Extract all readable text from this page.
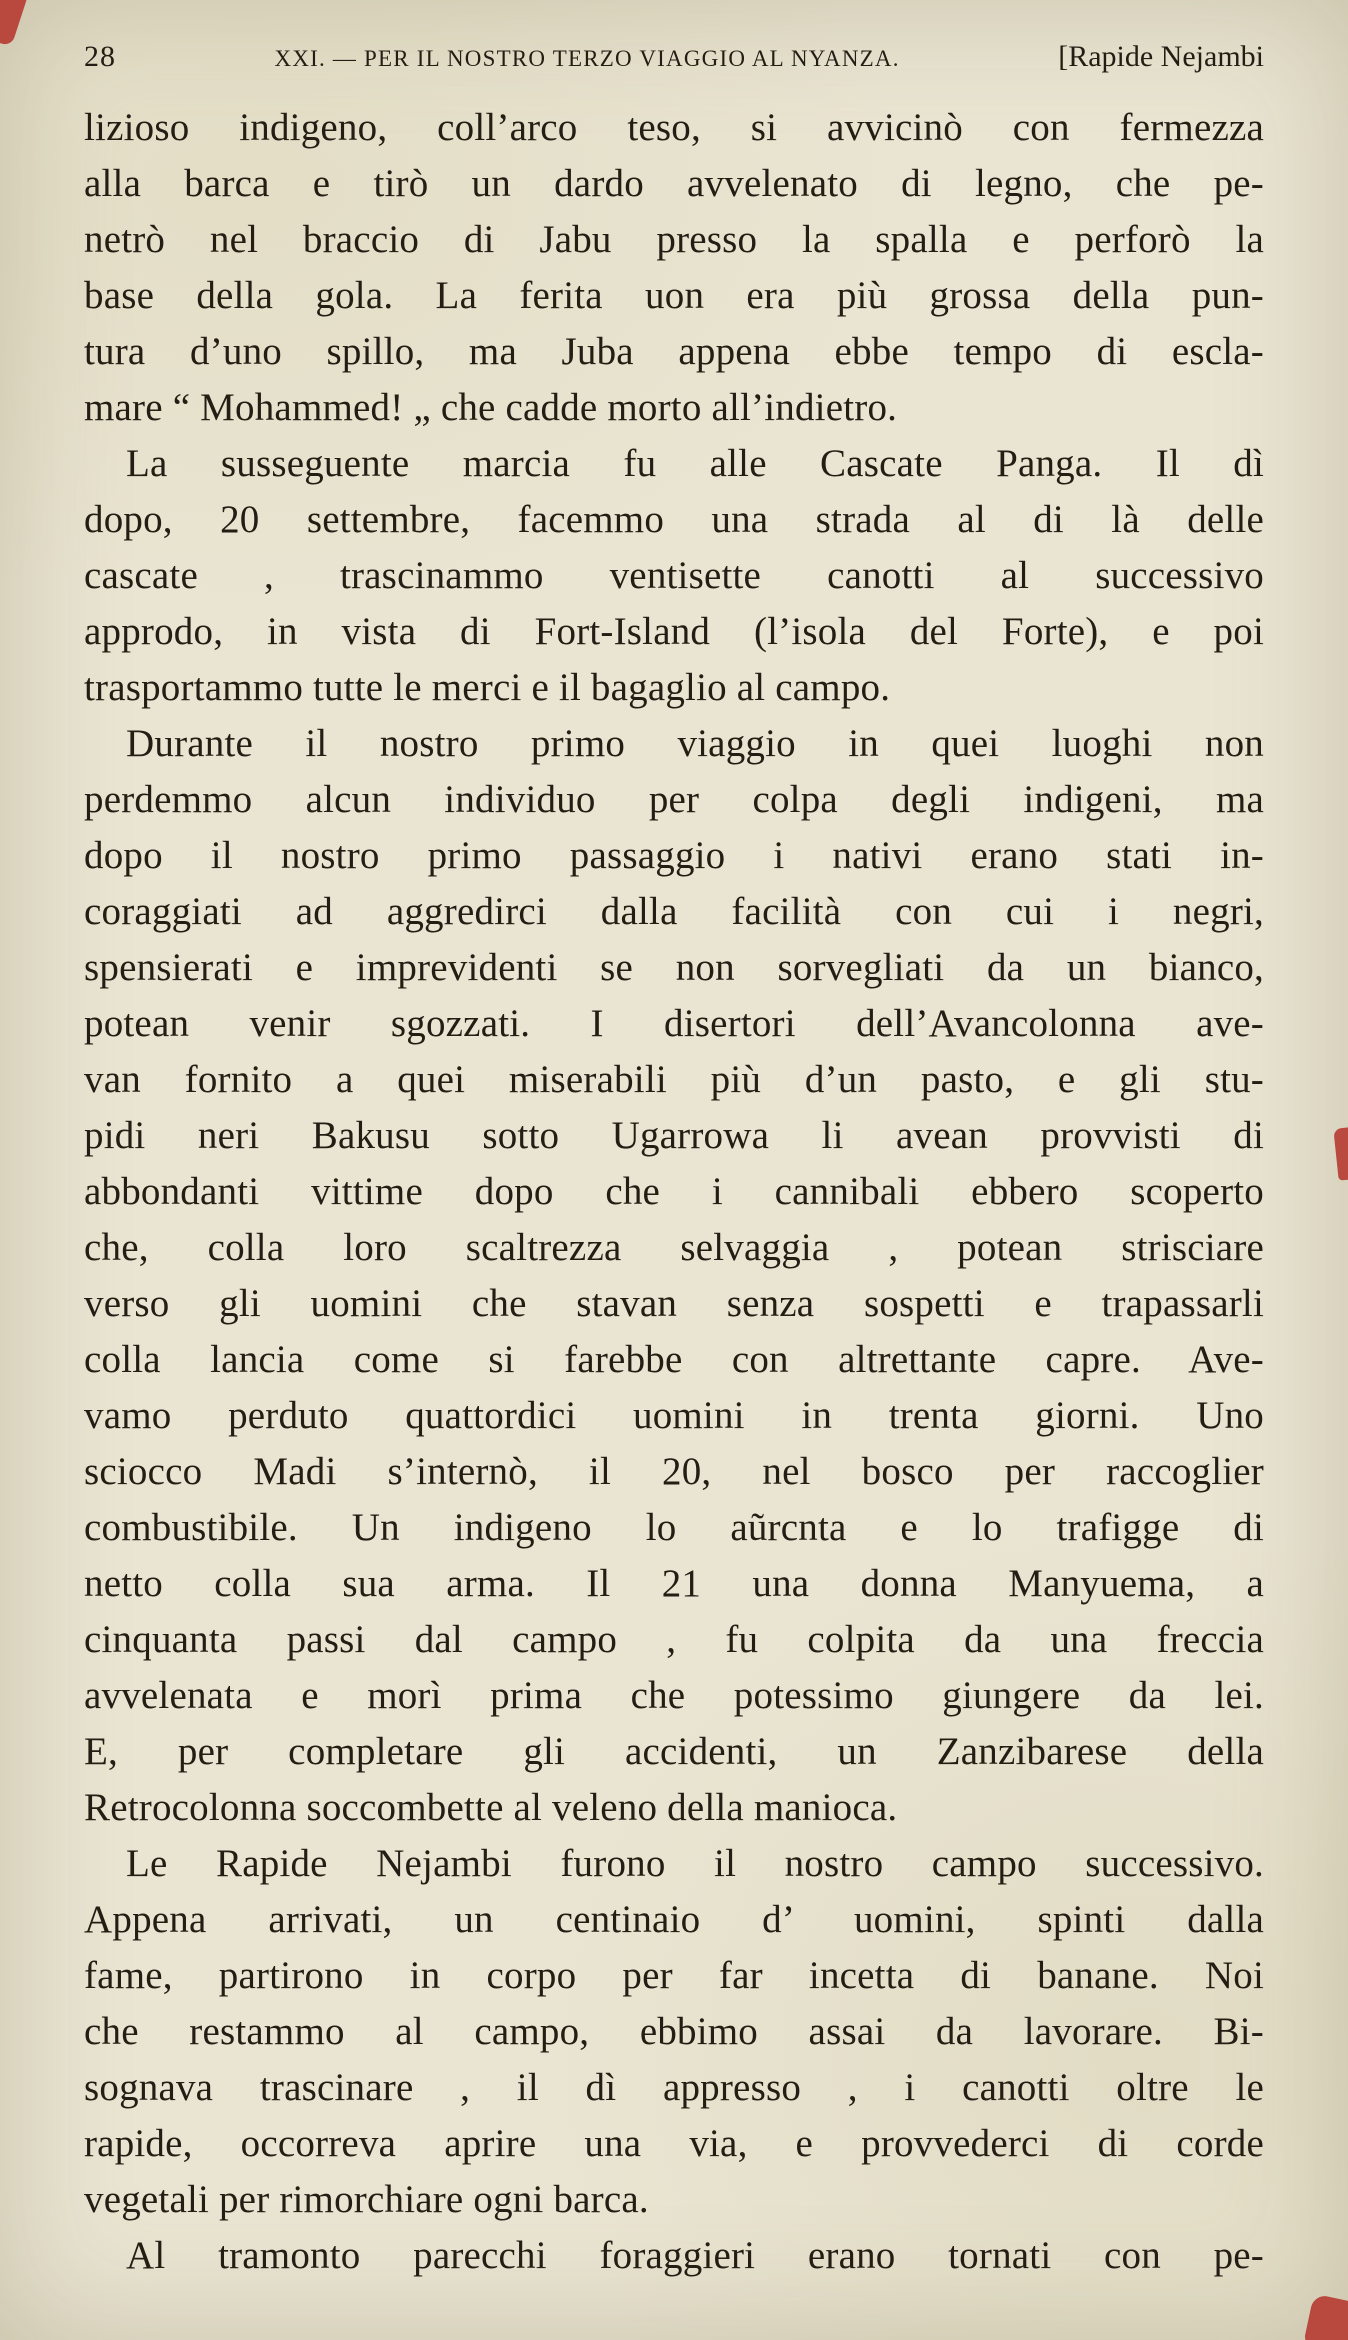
28	XXI. — PER IL NOSTRO TERZO VIAGGIO AL NYANZA.	[Rapide Nejambi
lizioso indigeno, coll’arco teso, si avvicinò con fermezza
alla barca e tirò un dardo avvelenato di legno, che pe-
netrò nel braccio di Jabu presso la spalla e perforò la
base della gola. La ferita uon era più grossa della pun-
tura d’uno spillo, ma Juba appena ebbe tempo di escla-
mare “ Mohammed! „ che cadde morto all’indietro.
La susseguente marcia fu alle Cascate Panga. Il dì
dopo, 20 settembre, facemmo una strada al di là delle
cascate , trascinammo ventisette canotti al successivo
approdo, in vista di Fort-Island (l’isola del Forte), e poi
trasportammo tutte le merci e il bagaglio al campo.
Durante il nostro primo viaggio in quei luoghi non
perdemmo alcun individuo per colpa degli indigeni, ma
dopo il nostro primo passaggio i nativi erano stati in-
coraggiati ad aggredirci dalla facilità con cui i negri,
spensierati e imprevidenti se non sorvegliati da un bianco,
potean venir sgozzati. I disertori dell’Avancolonna ave-
van fornito a quei miserabili più d’un pasto, e gli stu-
pidi neri Bakusu sotto Ugarrowa li avean provvisti di
abbondanti vittime dopo che i cannibali ebbero scoperto
che, colla loro scaltrezza selvaggia , potean strisciare
verso gli uomini che stavan senza sospetti e trapassarli
colla lancia come si farebbe con altrettante capre. Ave-
vamo perduto quattordici uomini in trenta giorni. Uno
sciocco Madi s’internò, il 20, nel bosco per raccoglier
combustibile. Un indigeno lo aũrcnta e lo trafigge di
netto colla sua arma. Il 21 una donna Manyuema, a
cinquanta passi dal campo , fu colpita da una freccia
avvelenata e morì prima che potessimo giungere da lei.
E, per completare gli accidenti, un Zanzibarese della
Retrocolonna soccombette al veleno della manioca.
Le Rapide Nejambi furono il nostro campo successivo.
Appena arrivati, un centinaio d’ uomini, spinti dalla
fame, partirono in corpo per far incetta di banane. Noi
che restammo al campo, ebbimo assai da lavorare. Bi-
sognava trascinare , il dì appresso , i canotti oltre le
rapide, occorreva aprire una via, e provvederci di corde
vegetali per rimorchiare ogni barca.
Al tramonto parecchi foraggieri erano tornati con pe-
